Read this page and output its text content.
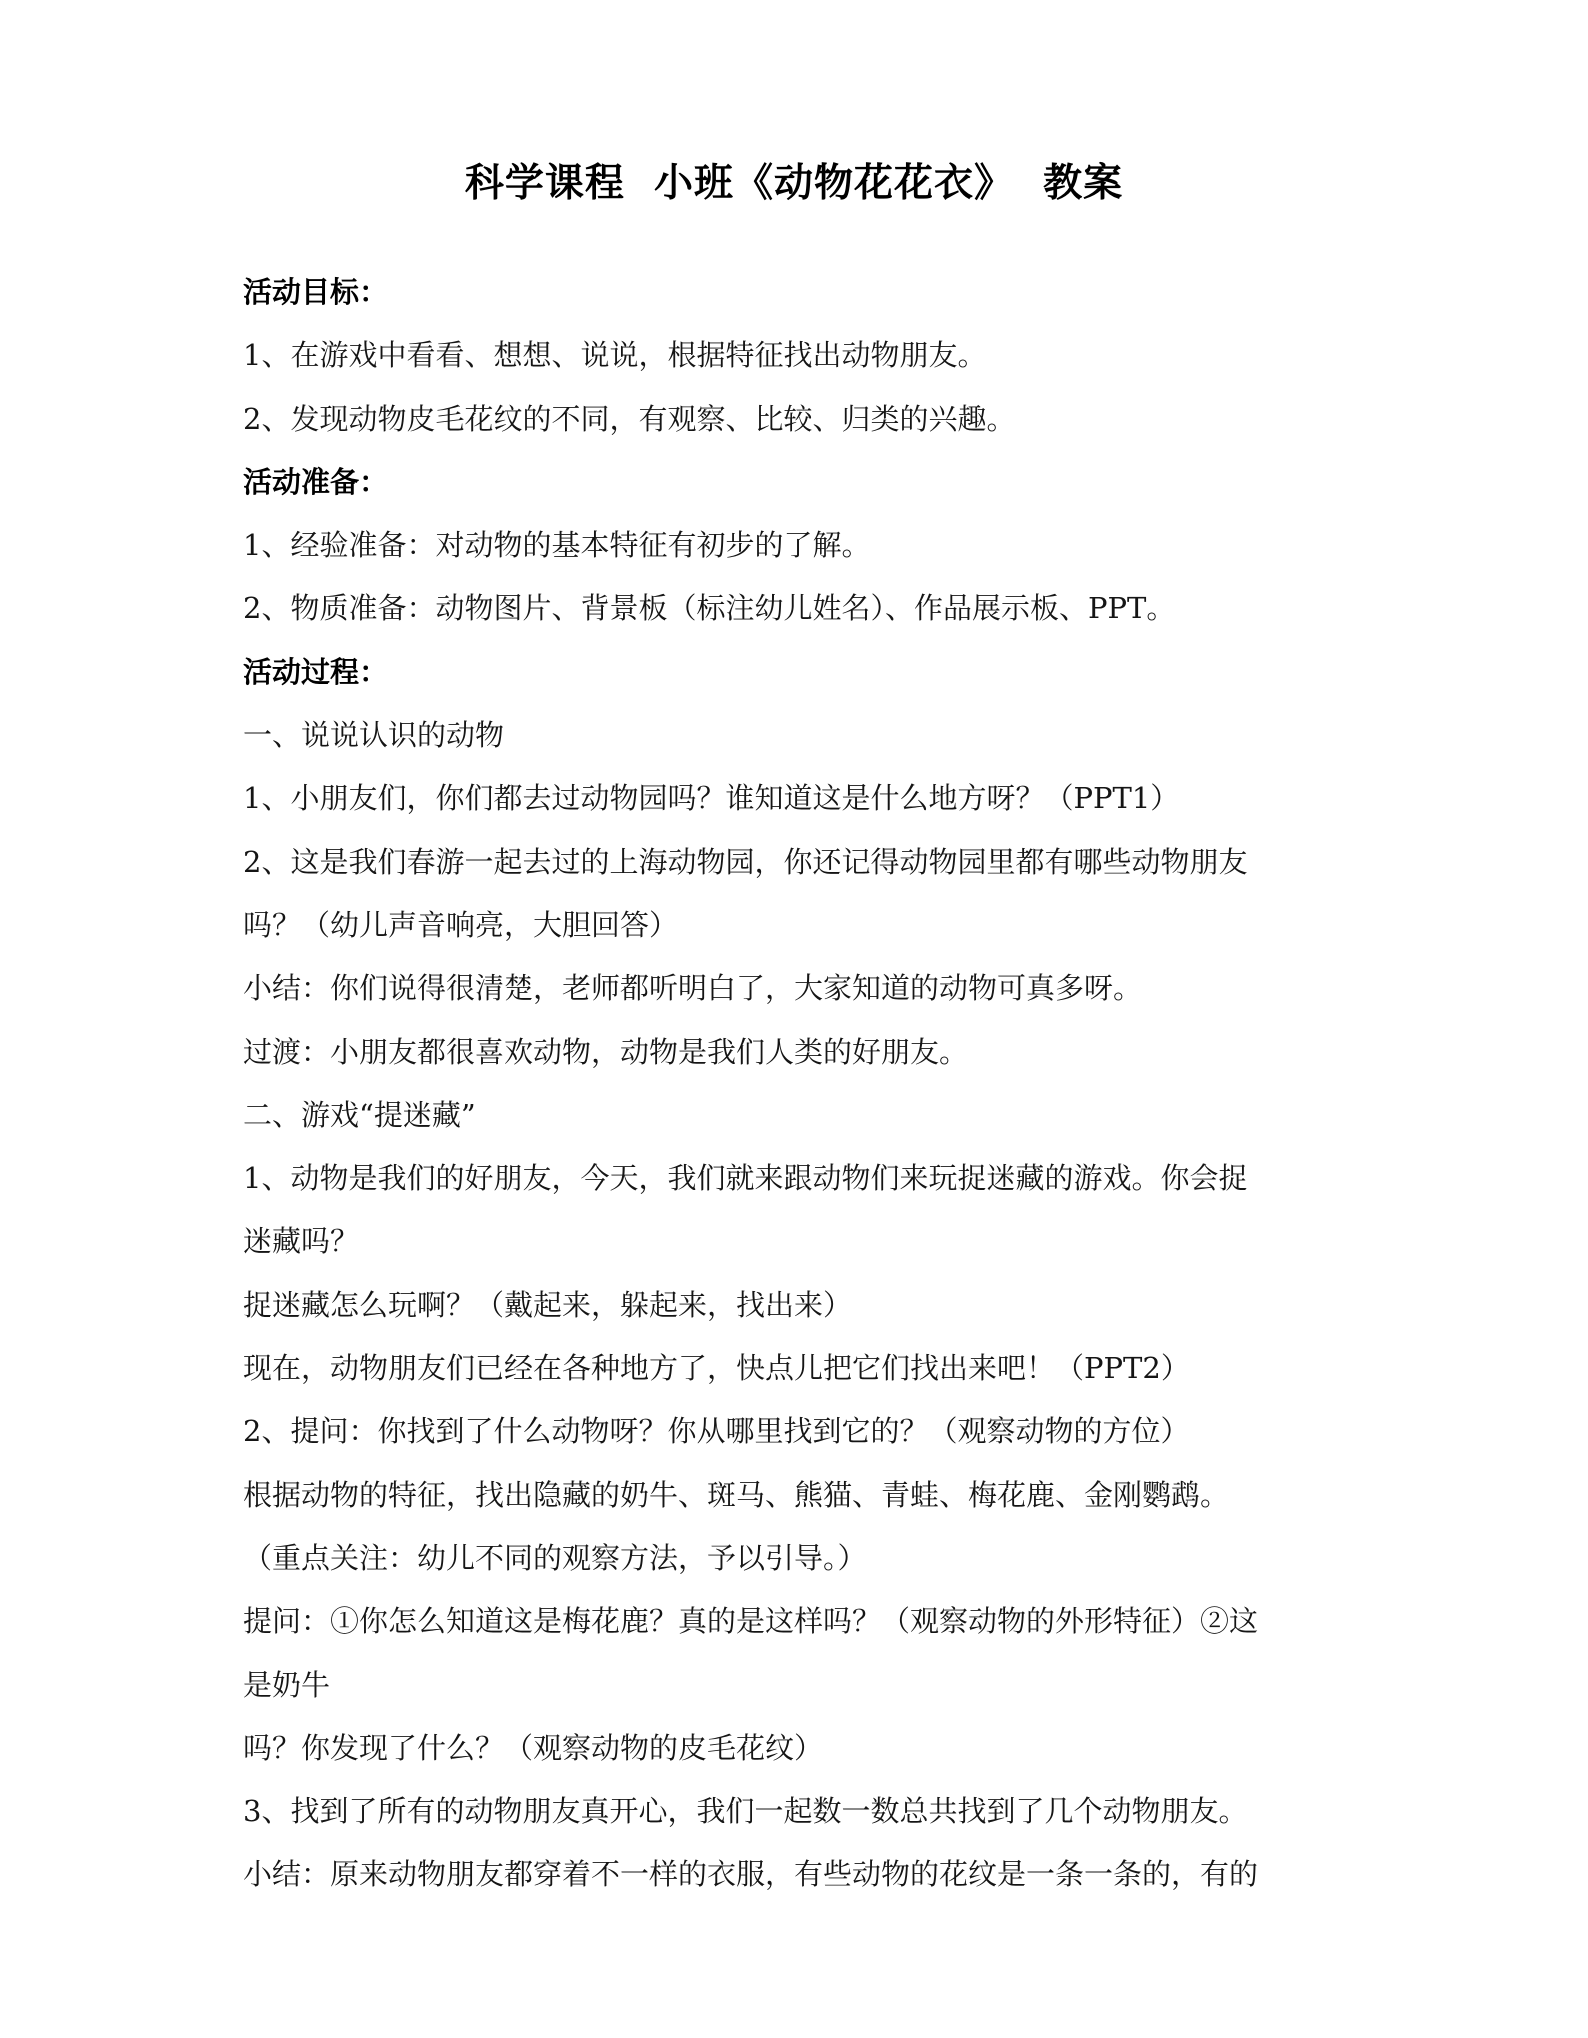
科学课程  小班《动物花花衣》  教案
活动目标：
1、在游戏中看看、想想、说说，根据特征找出动物朋友。
2、发现动物皮毛花纹的不同，有观察、比较、归类的兴趣。
活动准备：
1、经验准备：对动物的基本特征有初步的了解。
2、物质准备：动物图片、背景板（标注幼儿姓名）、作品展示板、PPT。
活动过程：
一、说说认识的动物
1、小朋友们，你们都去过动物园吗？谁知道这是什么地方呀？（PPT1）
2、这是我们春游一起去过的上海动物园，你还记得动物园里都有哪些动物朋友
吗？（幼儿声音响亮，大胆回答）
小结：你们说得很清楚，老师都听明白了，大家知道的动物可真多呀。
过渡：小朋友都很喜欢动物，动物是我们人类的好朋友。
二、游戏“提迷藏”
1、动物是我们的好朋友，今天，我们就来跟动物们来玩捉迷藏的游戏。你会捉
迷藏吗？
捉迷藏怎么玩啊？（戴起来，躲起来，找出来）
现在，动物朋友们已经在各种地方了，快点儿把它们找出来吧！（PPT2）
2、提问：你找到了什么动物呀？你从哪里找到它的？（观察动物的方位）
根据动物的特征，找出隐藏的奶牛、斑马、熊猫、青蛙、梅花鹿、金刚鹦鹉。
（重点关注：幼儿不同的观察方法，予以引导。）
提问：①你怎么知道这是梅花鹿？真的是这样吗？（观察动物的外形特征）②这
是奶牛
吗？你发现了什么？（观察动物的皮毛花纹）
3、找到了所有的动物朋友真开心，我们一起数一数总共找到了几个动物朋友。
小结：原来动物朋友都穿着不一样的衣服，有些动物的花纹是一条一条的，有的
